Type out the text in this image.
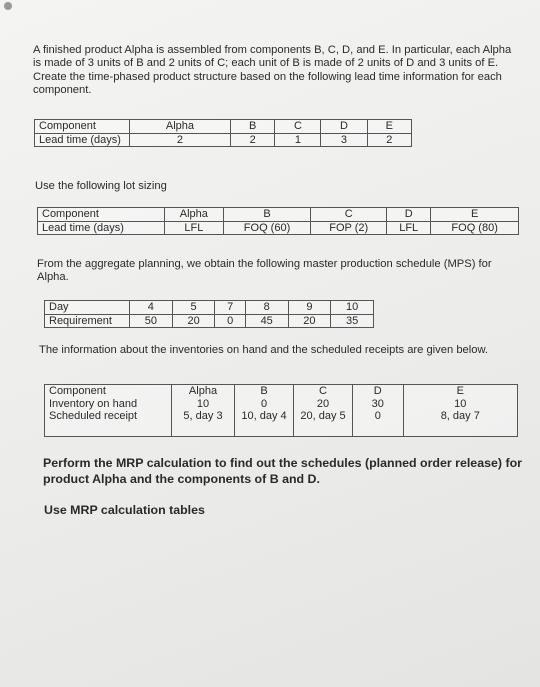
A finished product Alpha is assembled from components B, C, D, and E. In particular, each Alpha is made of 3 units of B and 2 units of C; each unit of B is made of 2 units of D and 3 units of E. Create the time-phased product structure based on the following lead time information for each component.

Component	Alpha	B	C	D	E
Lead time (days)	2	2	1	3	2

Use the following lot sizing

Component	Alpha	B	C	D	E
Lead time (days)	LFL	FOQ (60)	FOP (2)	LFL	FOQ (80)

From the aggregate planning, we obtain the following master production schedule (MPS) for Alpha.

Day	4	5	7	8	9	10
Requirement	50	20	0	45	20	35

The information about the inventories on hand and the scheduled receipts are given below.

Component	Alpha	B	C	D	E
Inventory on hand	10	0	20	30	10
Scheduled receipt	5, day 3	10, day 4	20, day 5	0	8, day 7

Perform the MRP calculation to find out the schedules (planned order release) for product Alpha and the components of B and D.

Use MRP calculation tables
